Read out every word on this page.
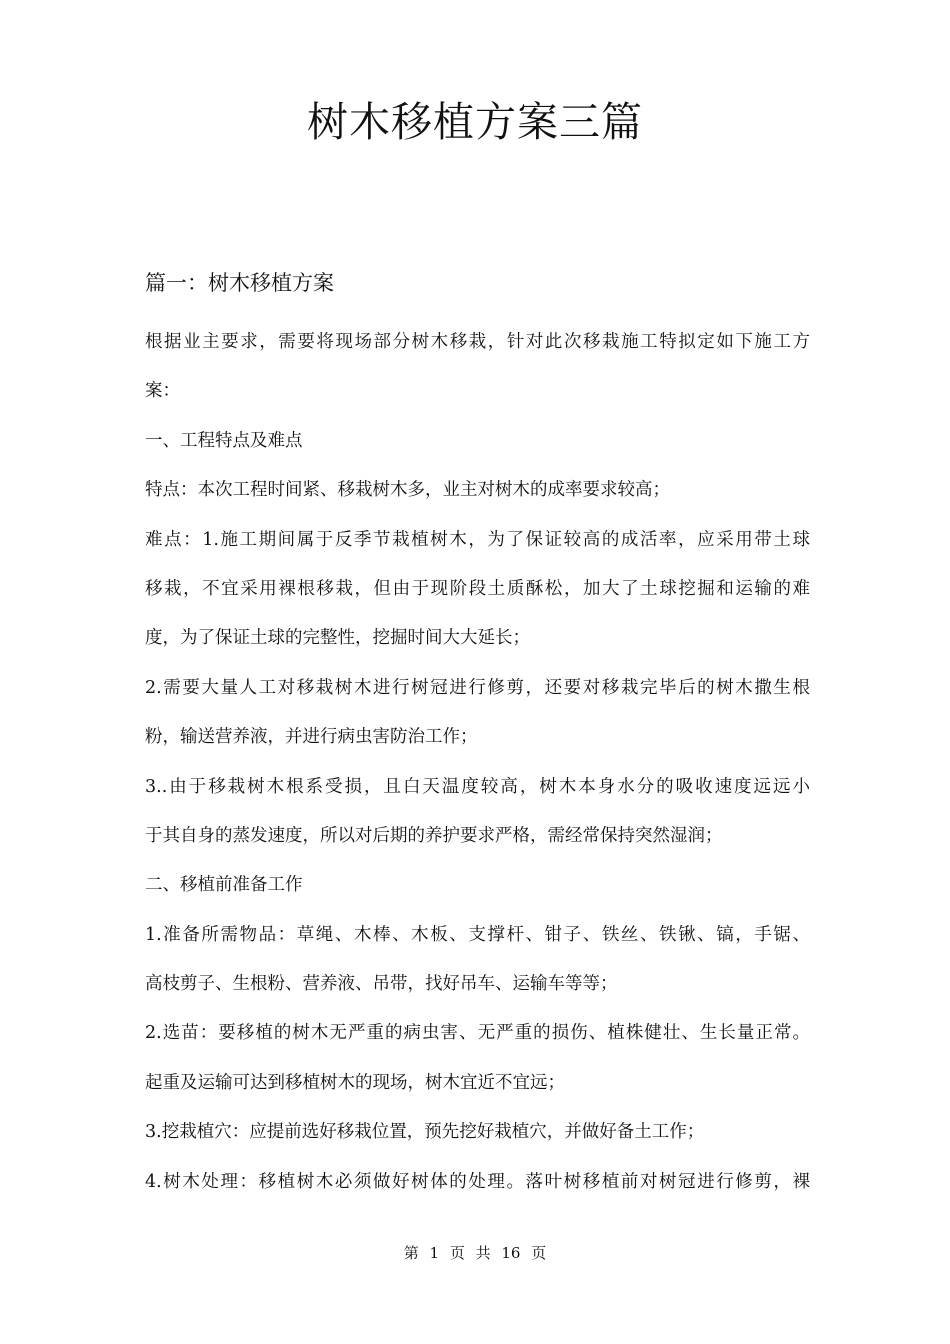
树木移植方案三篇
篇一：树木移植方案
根据业主要求，需要将现场部分树木移栽，针对此次移栽施工特拟定如下施工方
案：
一、工程特点及难点
特点：本次工程时间紧、移栽树木多，业主对树木的成率要求较高；
难点：1.施工期间属于反季节栽植树木，为了保证较高的成活率，应采用带土球
移栽，不宜采用裸根移栽，但由于现阶段土质酥松，加大了土球挖掘和运输的难
度，为了保证土球的完整性，挖掘时间大大延长；
2.需要大量人工对移栽树木进行树冠进行修剪，还要对移栽完毕后的树木撒生根
粉，输送营养液，并进行病虫害防治工作；
3..由于移栽树木根系受损，且白天温度较高，树木本身水分的吸收速度远远小
于其自身的蒸发速度，所以对后期的养护要求严格，需经常保持突然湿润；
二、移植前准备工作
1.准备所需物品：草绳、木棒、木板、支撑杆、钳子、铁丝、铁锹、镐，手锯、
高枝剪子、生根粉、营养液、吊带，找好吊车、运输车等等；
2.选苗：要移植的树木无严重的病虫害、无严重的损伤、植株健壮、生长量正常。
起重及运输可达到移植树木的现场，树木宜近不宜远；
3.挖栽植穴：应提前选好移栽位置，预先挖好栽植穴，并做好备土工作；
4.树木处理：移植树木必须做好树体的处理。落叶树移植前对树冠进行修剪，裸
第 1 页 共 16 页
